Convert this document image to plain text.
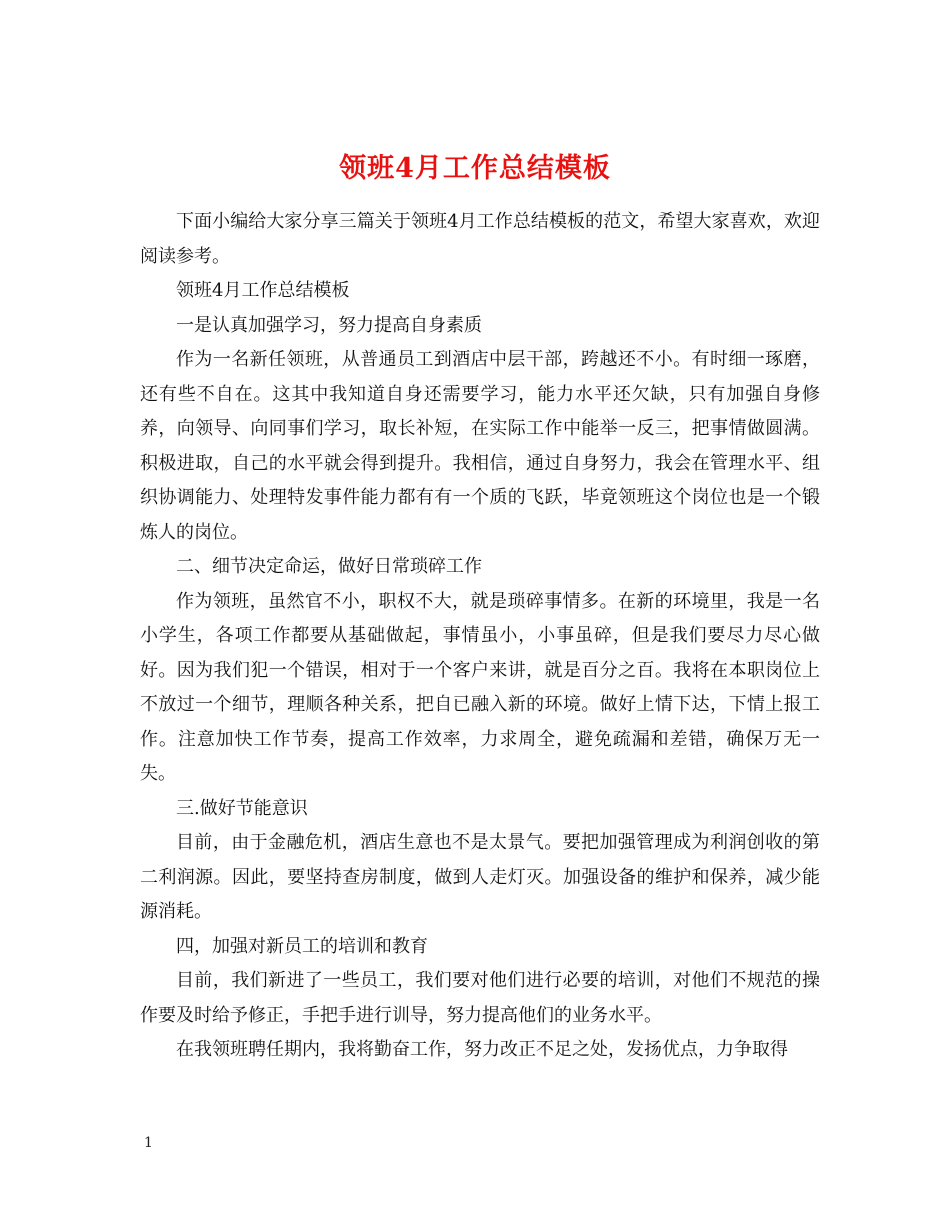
领班4月工作总结模板

下面小编给大家分享三篇关于领班4月工作总结模板的范文，希望大家喜欢，欢迎阅读参考。

领班4月工作总结模板

一是认真加强学习，努力提高自身素质

作为一名新任领班，从普通员工到酒店中层干部，跨越还不小。有时细一琢磨，还有些不自在。这其中我知道自身还需要学习，能力水平还欠缺，只有加强自身修养，向领导、向同事们学习，取长补短，在实际工作中能举一反三，把事情做圆满。积极进取，自己的水平就会得到提升。我相信，通过自身努力，我会在管理水平、组织协调能力、处理特发事件能力都有有一个质的飞跃，毕竟领班这个岗位也是一个锻炼人的岗位。

二、细节决定命运，做好日常琐碎工作

作为领班，虽然官不小，职权不大，就是琐碎事情多。在新的环境里，我是一名小学生，各项工作都要从基础做起，事情虽小，小事虽碎，但是我们要尽力尽心做好。因为我们犯一个错误，相对于一个客户来讲，就是百分之百。我将在本职岗位上不放过一个细节，理顺各种关系，把自已融入新的环境。做好上情下达，下情上报工作。注意加快工作节奏，提高工作效率，力求周全，避免疏漏和差错，确保万无一失。

三.做好节能意识

目前，由于金融危机，酒店生意也不是太景气。要把加强管理成为利润创收的第二利润源。因此，要坚持查房制度，做到人走灯灭。加强设备的维护和保养，减少能源消耗。

四，加强对新员工的培训和教育

目前，我们新进了一些员工，我们要对他们进行必要的培训，对他们不规范的操作要及时给予修正，手把手进行训导，努力提高他们的业务水平。

在我领班聘任期内，我将勤奋工作，努力改正不足之处，发扬优点，力争取得

1
